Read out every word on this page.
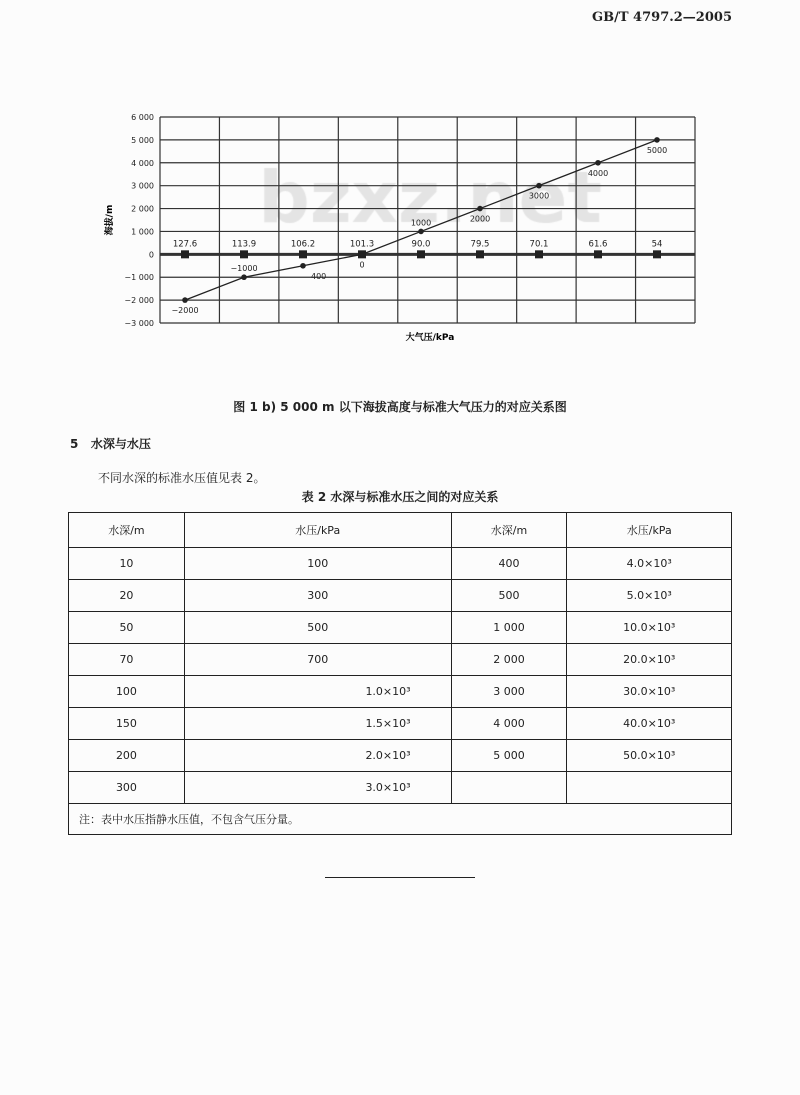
GB/T 4797.2—2005
6 000
5 000
4 000
3 000
2 000
1 000
0
−1 000
−2 000
−3 000
海拔/m
大气压/kPa
127.6	113.9	106.2	101.3	90.0	79.5	70.1	61.6	54
−2000
−1000
400
0
1000	2000
3000
4000
5000
图 1 b) 5 000 m 以下海拔高度与标准大气压力的对应关系图
5 水深与水压
不同水深的标准水压值见表 2。
表 2 水深与标准水压之间的对应关系
水深/m	水压/kPa	水深/m	水压/kPa
10	100	400	4.0×10³
20	300	500	5.0×10³
50	500	1 000	10.0×10³
70	700	2 000	20.0×10³
100	1.0×10³	3 000	30.0×10³
150	1.5×10³	4 000	40.0×10³
200	2.0×10³	5 000	50.0×10³
300	3.0×10³		
注：表中水压指静水压值，不包含气压分量。			
